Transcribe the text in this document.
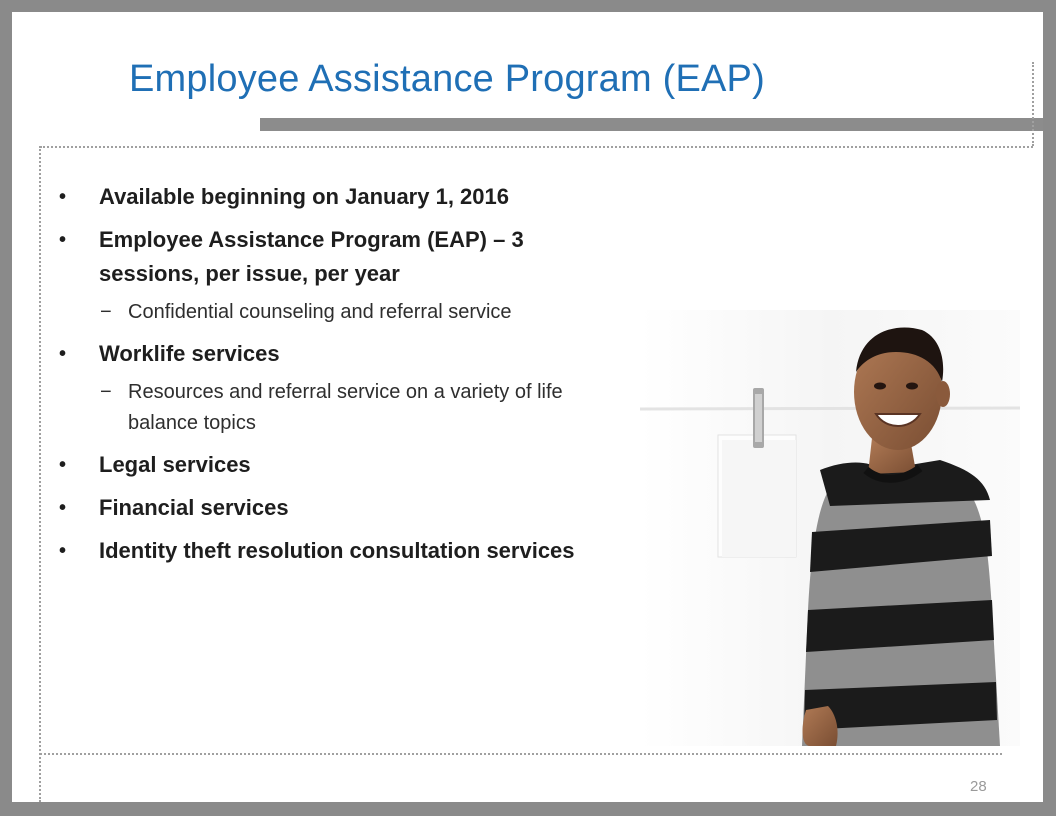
Employee Assistance Program (EAP)
• Available beginning on January 1, 2016
• Employee Assistance Program (EAP) – 3 sessions, per issue, per year
− Confidential counseling and referral service
• Worklife services
− Resources and referral service on a variety of life balance topics
• Legal services
• Financial services
• Identity theft resolution consultation services
28
